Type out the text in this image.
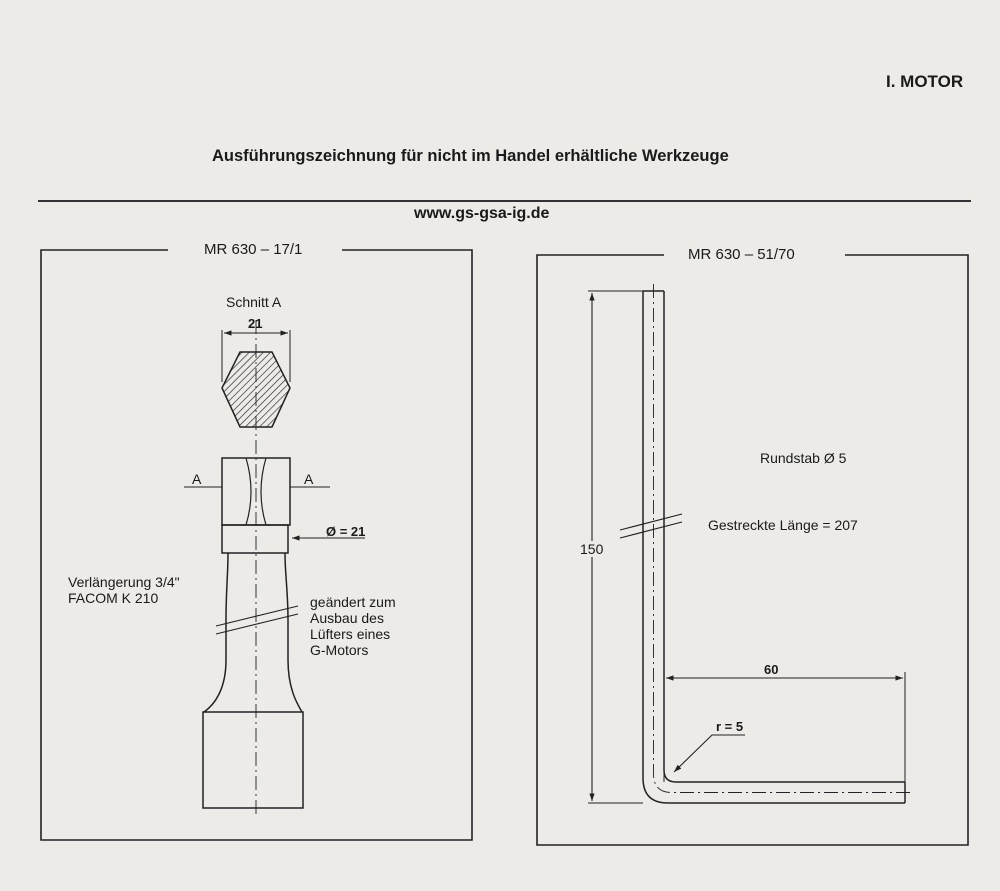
I. MOTOR
Ausführungszeichnung für nicht im Handel erhältliche Werkzeuge
www.gs-gsa-ig.de
MR 630 – 17/1	MR 630 – 51/70
Schnitt A
21
A	A
Ø = 21
Verlängerung 3/4"
FACOM K 210	geändert zum
Ausbau des
Lüfters eines
G-Motors
Rundstab Ø 5
Gestreckte Länge = 207
150
60
r = 5
